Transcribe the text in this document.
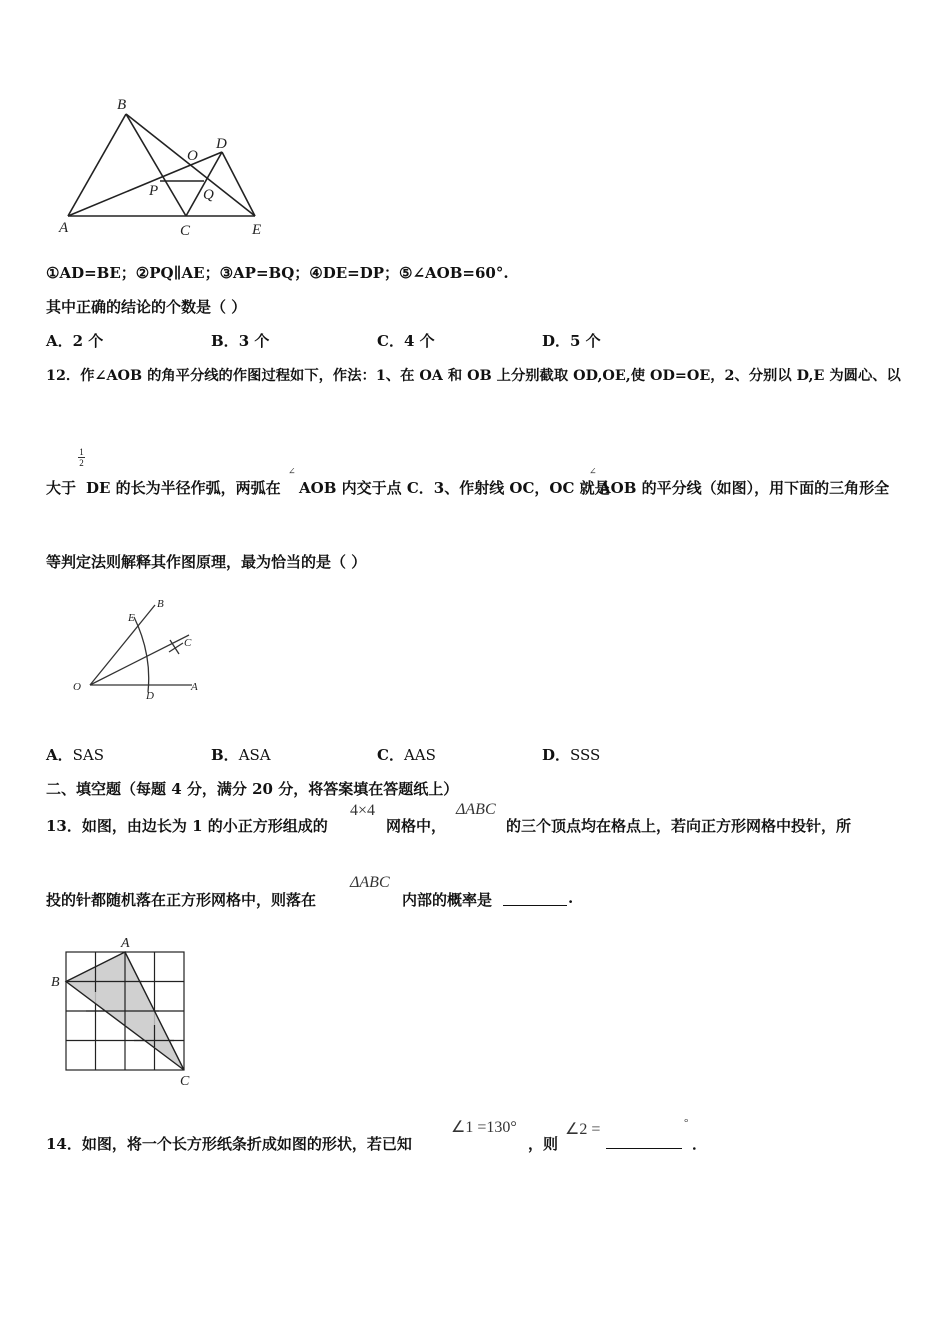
B
D
O
P	Q
A	C	E
①AD=BE；②PQ∥AE；③AP=BQ；④DE=DP；⑤∠AOB=60°.
其中正确的结论的个数是（ ）
A．2 个	B．3 个	C．4 个	D．5 个
12．作∠AOB 的角平分线的作图过程如下，作法：1、在 OA 和 OB 上分别截取 OD,OE,使 OD=OE，2、分别以 D,E 为圆心、以
1
2
∠	∠
大于 DE 的长为半径作弧，两弧在 AOB 内交于点 C．3、作射线 OC，OC 就是
AOB 的平分线（如图），用下面的三角形全
等判定法则解释其作图原理，最为恰当的是（ ）
B
E
C
O
D
A
A．SAS	B．ASA	C．AAS	D．SSS
二、填空题（每题 4 分，满分 20 分，将答案填在答题纸上）
13．如图，由边长为 1 的小正方形组成的
4×4
网格中，
ΔABC
的三个顶点均在格点上，若向正方形网格中投针，所
投的针都随机落在正方形网格中，则落在
ΔABC
内部的概率是	.
A
B
C
14．如图，将一个长方形纸条折成如图的形状，若已知
∠1 =130°
，则
∠2 =	°
．
